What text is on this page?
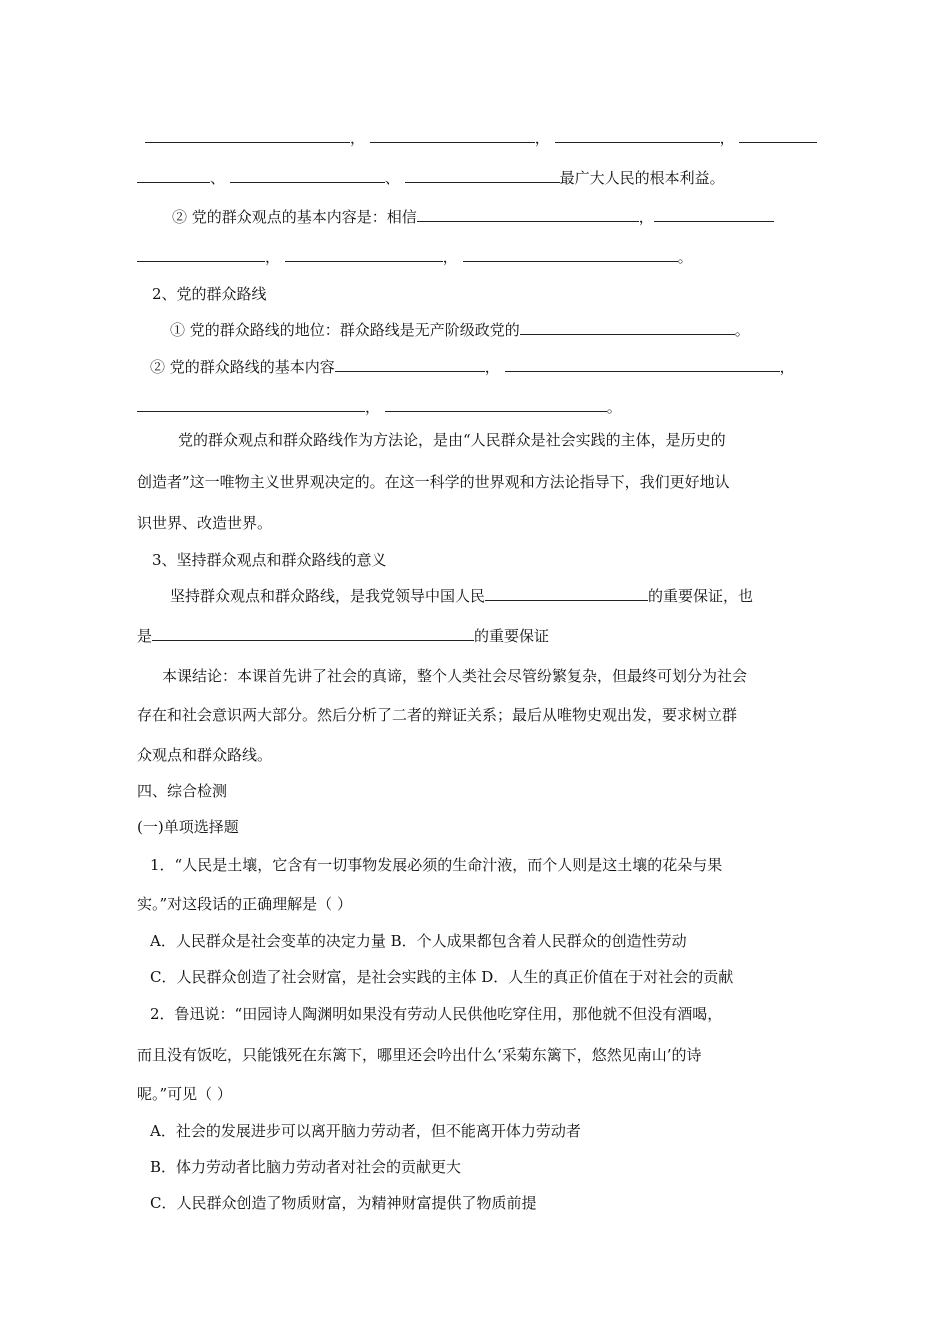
，	，	，
、	、	最广大人民的根本利益。
② 党的群众观点的基本内容是：相信	，
，	，	。
2、党的群众路线
① 党的群众路线的地位：群众路线是无产阶级政党的	。
② 党的群众路线的基本内容	，	，
，	。
党的群众观点和群众路线作为方法论，是由“人民群众是社会实践的主体，是历史的
创造者”这一唯物主义世界观决定的。在这一科学的世界观和方法论指导下，我们更好地认
识世界、改造世界。
3、坚持群众观点和群众路线的意义
坚持群众观点和群众路线，是我党领导中国人民	的重要保证，也
是	的重要保证
本课结论：本课首先讲了社会的真谛，整个人类社会尽管纷繁复杂，但最终可划分为社会
存在和社会意识两大部分。然后分析了二者的辩证关系；最后从唯物史观出发，要求树立群
众观点和群众路线。
四、综合检测
(一)单项选择题
1．“人民是土壤，它含有一切事物发展必须的生命汁液，而个人则是这土壤的花朵与果
实。”对这段话的正确理解是（ ）
A．人民群众是社会变革的决定力量 B．个人成果都包含着人民群众的创造性劳动
C．人民群众创造了社会财富，是社会实践的主体 D．人生的真正价值在于对社会的贡献
2．鲁迅说：“田园诗人陶渊明如果没有劳动人民供他吃穿住用，那他就不但没有酒喝，
而且没有饭吃，只能饿死在东篱下，哪里还会吟出什么‘采菊东篱下，悠然见南山’的诗
呢。”可见（ ）
A．社会的发展进步可以离开脑力劳动者，但不能离开体力劳动者
B．体力劳动者比脑力劳动者对社会的贡献更大
C．人民群众创造了物质财富，为精神财富提供了物质前提
